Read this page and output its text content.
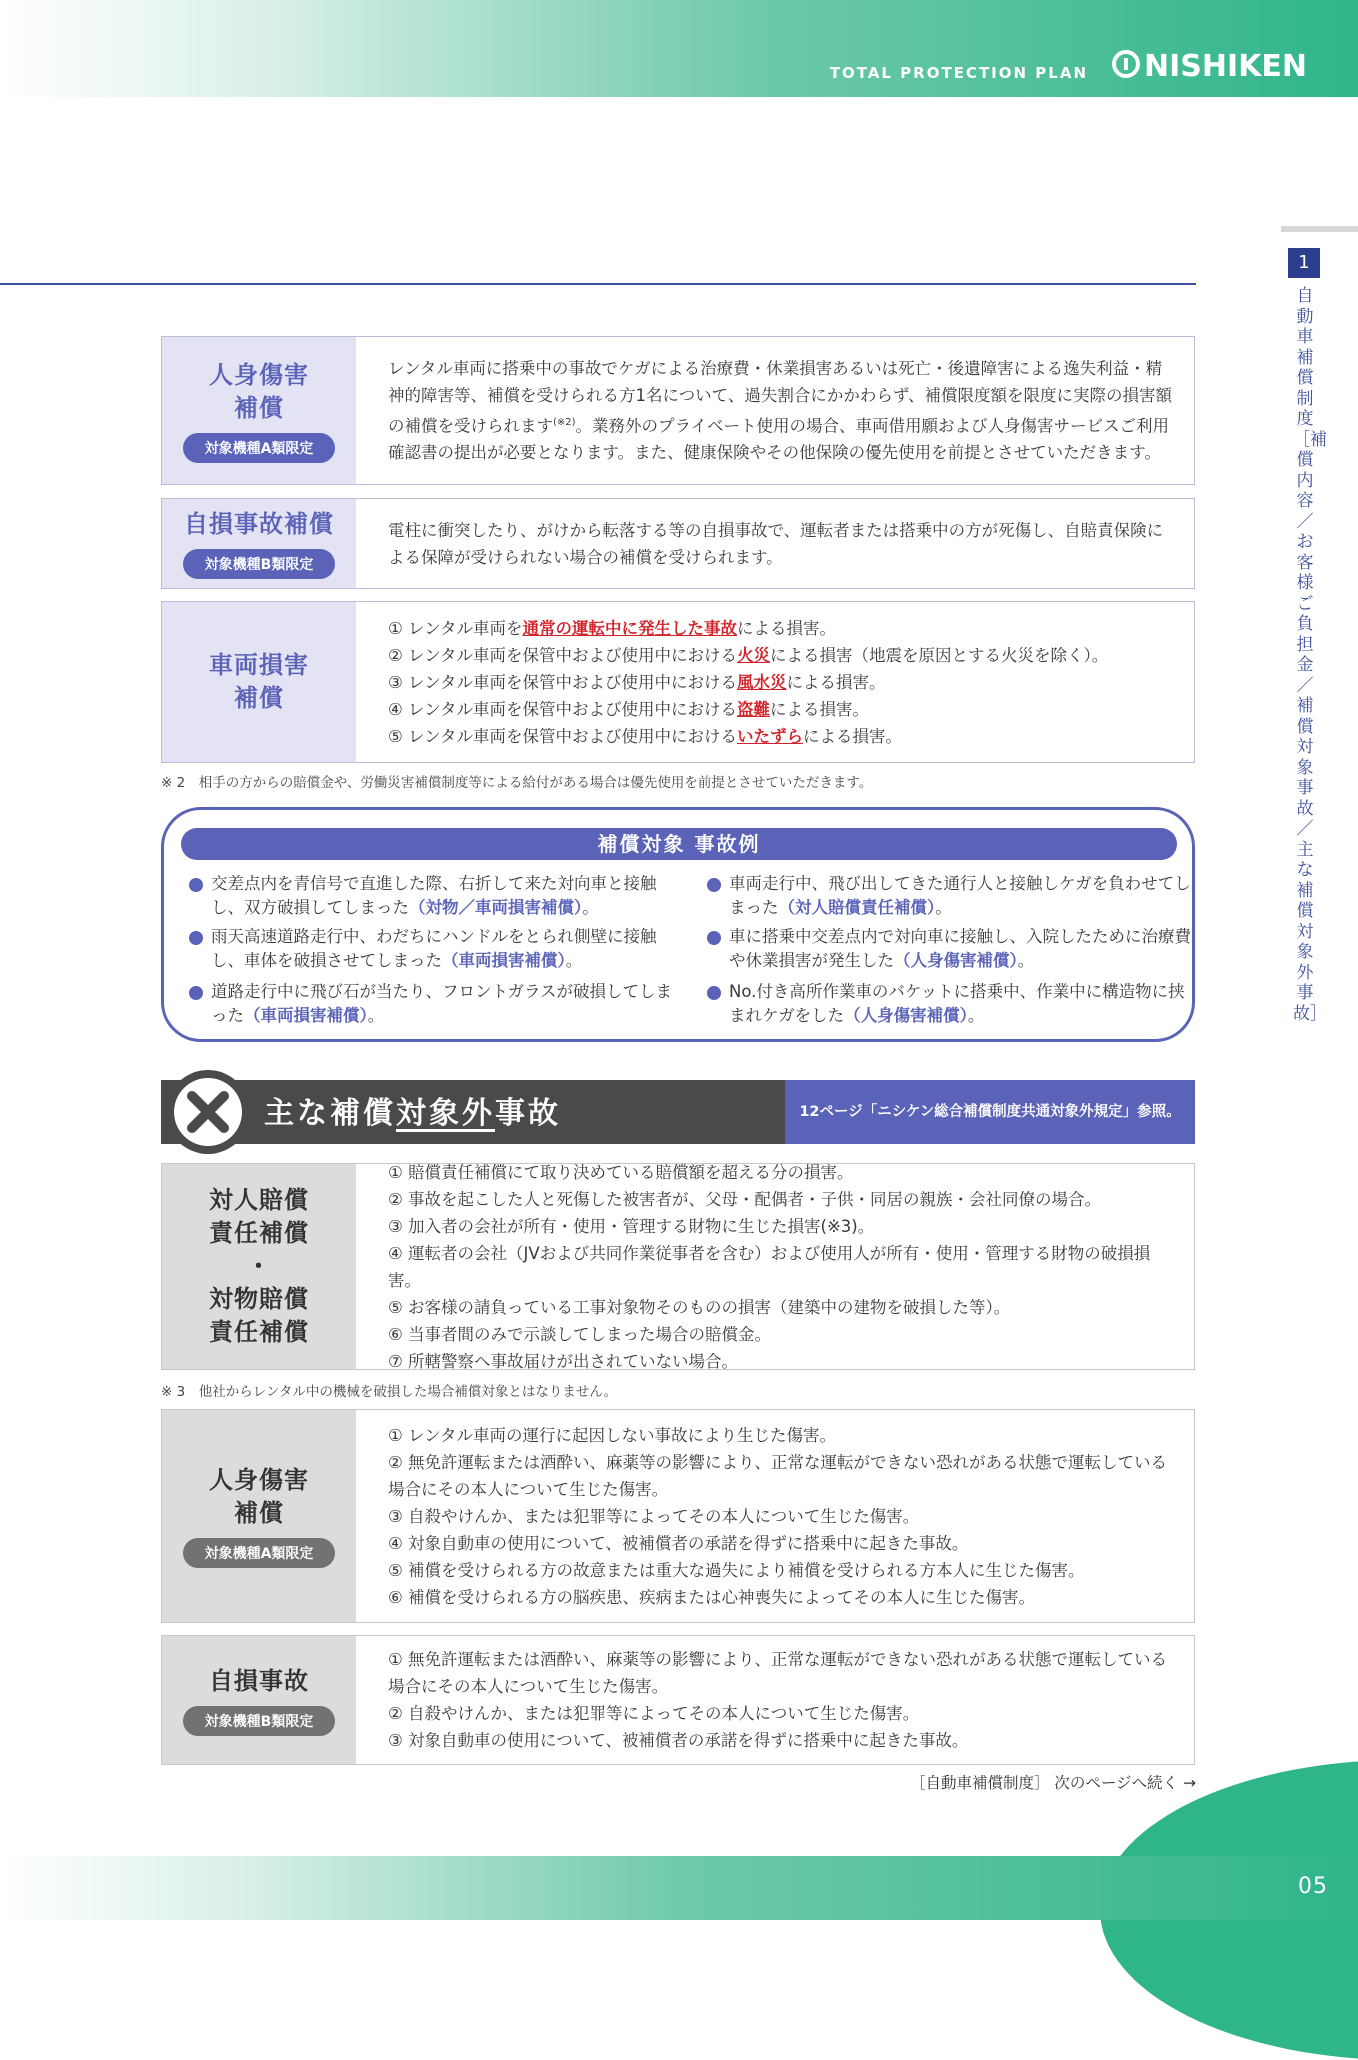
TOTAL PROTECTION PLAN NISHIKEN
1
自動車補償制度［補償内容／お客様ご負担金／補償対象事故／主な補償対象外事故］
人身傷害
補償
対象機種A類限定

レンタル車両に搭乗中の事故でケガによる治療費・休業損害あるいは死亡・後遺障害による逸失利益・精神的障害等、補償を受けられる方1名について、過失割合にかかわらず、補償限度額を限度に実際の損害額の補償を受けられます$^{(※2)}$。業務外のプライベート使用の場合、車両借用願および人身傷害サービスご利用確認書の提出が必要となります。また、健康保険やその他保険の優先使用を前提とさせていただきます。

自損事故補償
対象機種B類限定

電柱に衝突したり、がけから転落する等の自損事故で、運転者または搭乗中の方が死傷し、自賠責保険による保障が受けられない場合の補償を受けられます。

車両損害
補償

① レンタル車両を通常の運転中に発生した事故による損害。

② レンタル車両を保管中および使用中における火災による損害（地震を原因とする火災を除く）。

③ レンタル車両を保管中および使用中における風水災による損害。

④ レンタル車両を保管中および使用中における盗難による損害。

⑤ レンタル車両を保管中および使用中におけるいたずらによる損害。

※ 2　相手の方からの賠償金や、労働災害補償制度等による給付がある場合は優先使用を前提とさせていただきます。
補償対象 事故例
交差点内を青信号で直進した際、右折して来た対向車と接触し、双方破損してしまった（対物／車両損害補償）。
雨天高速道路走行中、わだちにハンドルをとられ側壁に接触し、車体を破損させてしまった（車両損害補償）。
道路走行中に飛び石が当たり、フロントガラスが破損してしまった（車両損害補償）。
車両走行中、飛び出してきた通行人と接触しケガを負わせてしまった（対人賠償責任補償）。
車に搭乗中交差点内で対向車に接触し、入院したために治療費や休業損害が発生した（人身傷害補償）。
No.付き高所作業車のバケットに搭乗中、作業中に構造物に挟まれケガをした（人身傷害補償）。
12ページ「ニシケン総合補償制度共通対象外規定」参照。
主な補償対象外事故
対人賠償
責任補償
・
対物賠償
責任補償

① 賠償責任補償にて取り決めている賠償額を超える分の損害。

② 事故を起こした人と死傷した被害者が、父母・配偶者・子供・同居の親族・会社同僚の場合。

③ 加入者の会社が所有・使用・管理する財物に生じた損害(※3)。

④ 運転者の会社（JVおよび共同作業従事者を含む）および使用人が所有・使用・管理する財物の破損損害。

⑤ お客様の請負っている工事対象物そのものの損害（建築中の建物を破損した等）。

⑥ 当事者間のみで示談してしまった場合の賠償金。

⑦ 所轄警察へ事故届けが出されていない場合。

※ 3　他社からレンタル中の機械を破損した場合補償対象とはなりません。
人身傷害
補償
対象機種A類限定

① レンタル車両の運行に起因しない事故により生じた傷害。

② 無免許運転または酒酔い、麻薬等の影響により、正常な運転ができない恐れがある状態で運転している場合にその本人について生じた傷害。

③ 自殺やけんか、または犯罪等によってその本人について生じた傷害。

④ 対象自動車の使用について、被補償者の承諾を得ずに搭乗中に起きた事故。

⑤ 補償を受けられる方の故意または重大な過失により補償を受けられる方本人に生じた傷害。

⑥ 補償を受けられる方の脳疾患、疾病または心神喪失によってその本人に生じた傷害。

自損事故
対象機種B類限定

① 無免許運転または酒酔い、麻薬等の影響により、正常な運転ができない恐れがある状態で運転している場合にその本人について生じた傷害。

② 自殺やけんか、または犯罪等によってその本人について生じた傷害。

③ 対象自動車の使用について、被補償者の承諾を得ずに搭乗中に起きた事故。

［自動車補償制度］ 次のページへ続く →
05
